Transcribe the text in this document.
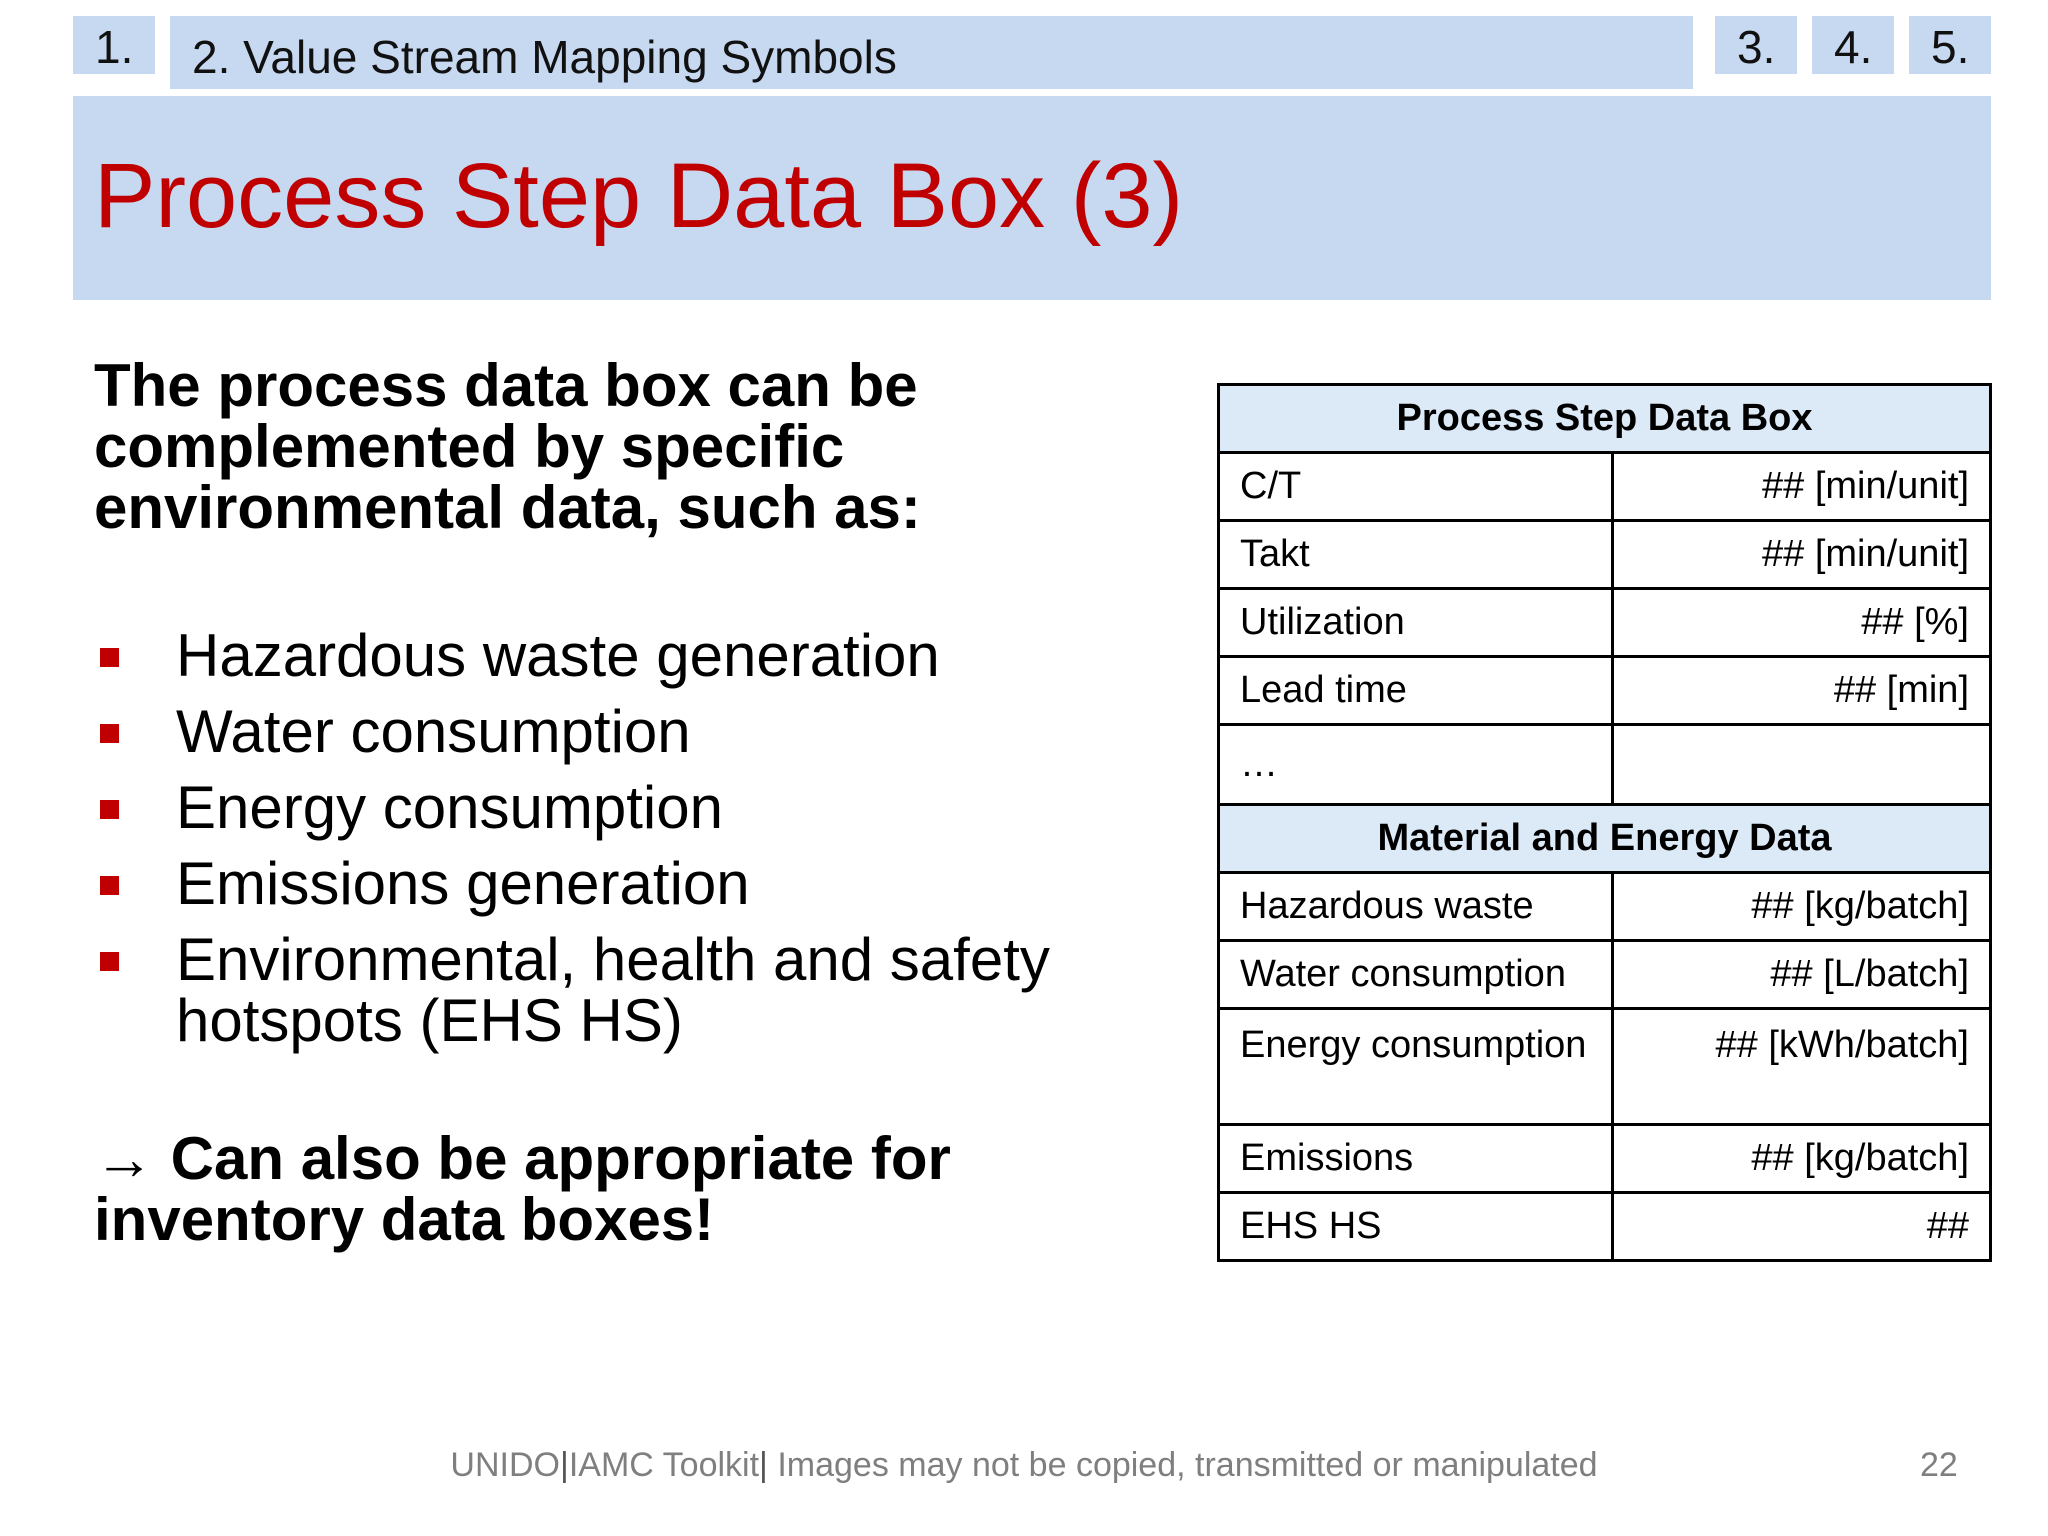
1.	2. Value Stream Mapping Symbols	3.	4.	5.
Process Step Data Box (3)
The process data box can be complemented by specific environmental data, such as:
Hazardous waste generation
Water consumption
Energy consumption
Emissions generation
Environmental, health and safety hotspots (EHS HS)
→ Can also be appropriate for inventory data boxes!
Process Step Data Box	
C/T	## [min/unit]
Takt	## [min/unit]
Utilization	## [%]
Lead time	## [min]
…	
Material and Energy Data	
Hazardous waste	## [kg/batch]
Water consumption	## [L/batch]
Energy consumption	## [kWh/batch]
Emissions	## [kg/batch]
EHS HS	##
UNIDO|IAMC Toolkit| Images may not be copied, transmitted or manipulated	22
